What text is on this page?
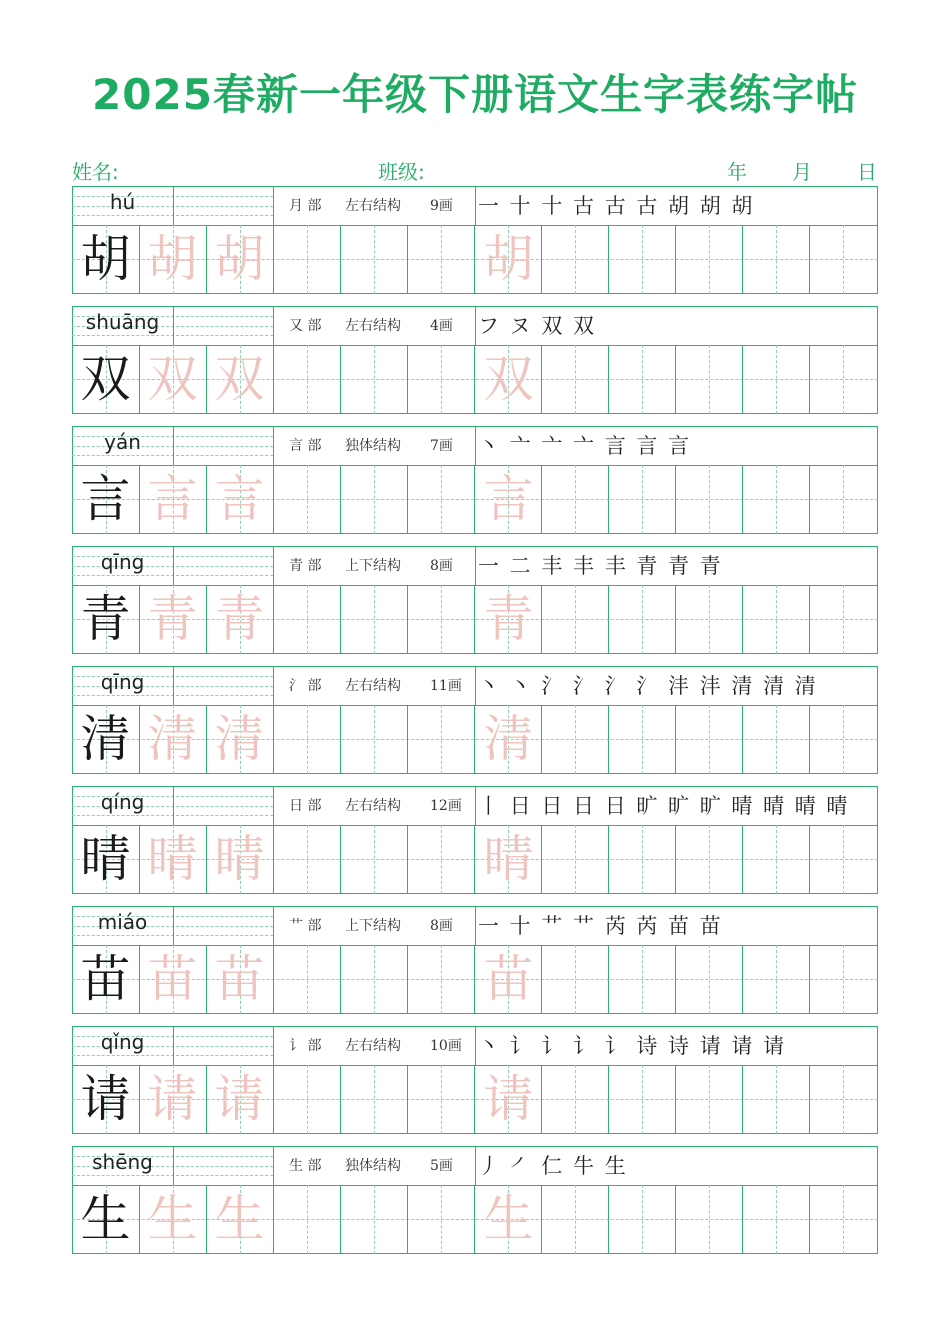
2025春新一年级下册语文生字表练字帖
姓名:	班级:	年 月 日
hú	月 部 左右结构 9画 一 十 十 古 古 古 胡 胡 胡
胡 胡 胡	胡
shuāng	又 部 左右结构 4画 フ ヌ 双 双
双 双 双	双
yán	言 部 独体结构 7画 丶 亠 亠 亠 言 言 言
言 言 言	言
qīng	青 部 上下结构 8画 一 二 丰 丰 丰 青 青 青
青 青 青	青
qīng	氵 部 左右结构 11画 丶 丶 氵 氵 氵 氵 沣 沣 清 清 清
清 清 清	清
qíng	日 部 左右结构 12画 丨 日 日 日 日 旷 旷 旷 晴 晴 晴 晴
晴 晴 晴	晴
miáo	艹 部 上下结构 8画 一 十 艹 艹 芮 芮 苗 苗
苗 苗 苗	苗
qǐng	讠 部 左右结构 10画 丶 讠 讠 讠 讠 诗 诗 请 请 请
请 请 请	请
shēng	生 部 独体结构 5画 丿 ㇒ 仁 牛 生
生 生 生	生
